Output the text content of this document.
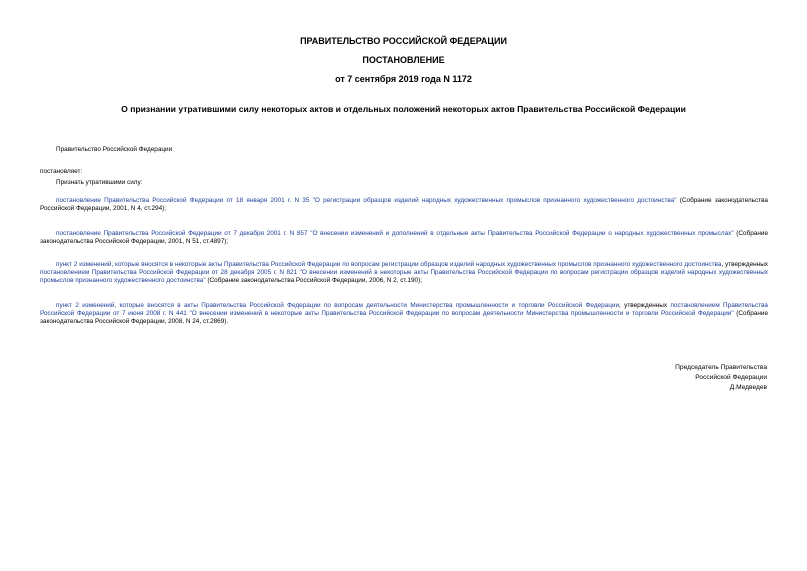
ПРАВИТЕЛЬСТВО РОССИЙСКОЙ ФЕДЕРАЦИИ
ПОСТАНОВЛЕНИЕ
от 7 сентября 2019 года N 1172
О признании утратившими силу некоторых актов и отдельных положений некоторых актов Правительства Российской Федерации
Правительство Российской Федерации
постановляет:
Признать утратившими силу:
постановление Правительства Российской Федерации от 18 января 2001 г. N 35 "О регистрации образцов изделий народных художественных промыслов признанного художественного достоинства" (Собрание законодательства Российской Федерации, 2001, N 4, ст.294);
постановление Правительства Российской Федерации от 7 декабря 2001 г. N 857 "О внесении изменений и дополнений в отдельные акты Правительства Российской Федерации о народных художественных промыслах" (Собрание законодательства Российской Федерации, 2001, N 51, ст.4897);
пункт 2 изменений, которые вносятся в некоторые акты Правительства Российской Федерации по вопросам регистрации образцов изделий народных художественных промыслов признанного художественного достоинства, утвержденных постановлением Правительства Российской Федерации от 28 декабря 2005 г. N 821 "О внесении изменений в некоторые акты Правительства Российской Федерации по вопросам регистрации образцов изделий народных художественных промыслов признанного художественного достоинства" (Собрание законодательства Российской Федерации, 2006, N 2, ст.190);
пункт 2 изменений, которые вносятся в акты Правительства Российской Федерации по вопросам деятельности Министерства промышленности и торговли Российской Федерации, утвержденных постановлением Правительства Российской Федерации от 7 июня 2008 г. N 441 "О внесении изменений в некоторые акты Правительства Российской Федерации по вопросам деятельности Министерства промышленности и торговли Российской Федерации" (Собрание законодательства Российской Федерации, 2008, N 24, ст.2869).
Председатель Правительства
Российской Федерации
Д.Медведев
